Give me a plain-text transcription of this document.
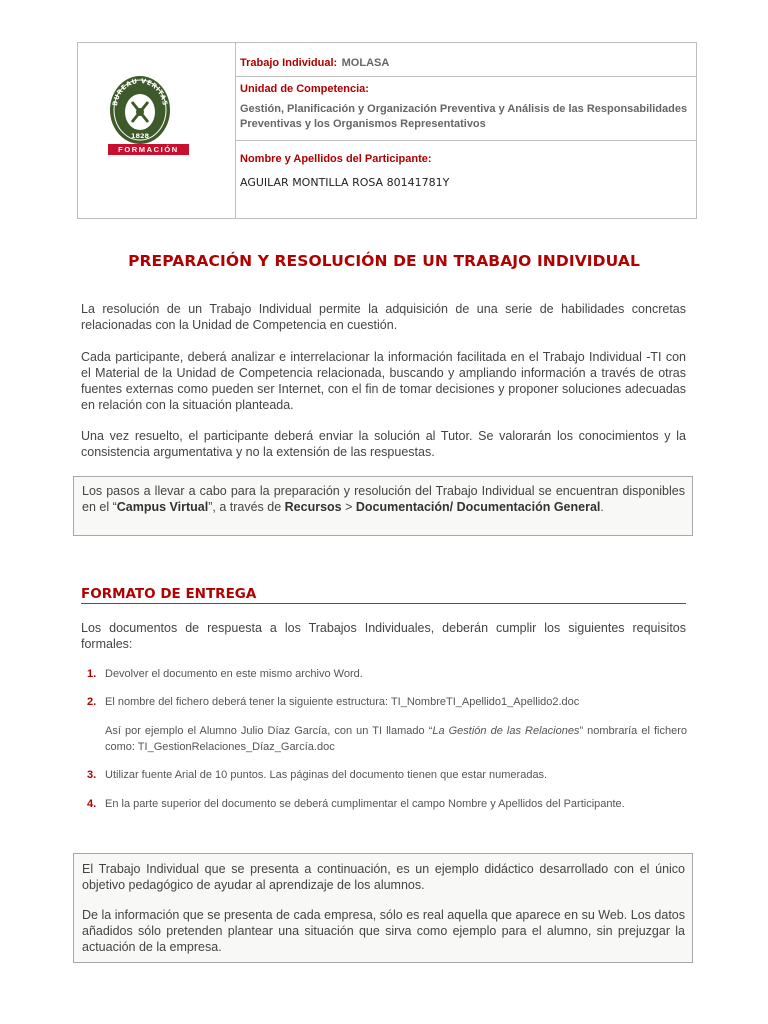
BUREAU VERITAS
1828
FORMACIÓN
Trabajo Individual: MOLASA
Unidad de Competencia:
Gestión, Planificación y Organización Preventiva y Análisis de las Responsabilidades Preventivas y los Organismos Representativos
Nombre y Apellidos del Participante:
AGUILAR MONTILLA ROSA 80141781Y
PREPARACIÓN Y RESOLUCIÓN DE UN TRABAJO INDIVIDUAL

La resolución de un Trabajo Individual permite la adquisición de una serie de habilidades concretas relacionadas con la Unidad de Competencia en cuestión.

Cada participante, deberá analizar e interrelacionar la información facilitada en el Trabajo Individual -TI con el Material de la Unidad de Competencia relacionada, buscando y ampliando información a través de otras fuentes externas como pueden ser Internet, con el fin de tomar decisiones y proponer soluciones adecuadas en relación con la situación planteada.

Una vez resuelto, el participante deberá enviar la solución al Tutor. Se valorarán los conocimientos y la consistencia argumentativa y no la extensión de las respuestas.

Los pasos a llevar a cabo para la preparación y resolución del Trabajo Individual se encuentran disponibles en el “Campus Virtual”, a través de Recursos > Documentación/ Documentación General.
FORMATO DE ENTREGA

Los documentos de respuesta a los Trabajos Individuales, deberán cumplir los siguientes requisitos formales:

1. Devolver el documento en este mismo archivo Word.
2. El nombre del fichero deberá tener la siguiente estructura: TI_NombreTI_Apellido1_Apellido2.doc
Así por ejemplo el Alumno Julio Díaz García, con un TI llamado “La Gestión de las Relaciones” nombraría el fichero como: TI_GestionRelaciones_Díaz_García.doc
3. Utilizar fuente Arial de 10 puntos. Las páginas del documento tienen que estar numeradas.
4. En la parte superior del documento se deberá cumplimentar el campo Nombre y Apellidos del Participante.
El Trabajo Individual que se presenta a continuación, es un ejemplo didáctico desarrollado con el único objetivo pedagógico de ayudar al aprendizaje de los alumnos.
De la información que se presenta de cada empresa, sólo es real aquella que aparece en su Web. Los datos añadidos sólo pretenden plantear una situación que sirva como ejemplo para el alumno, sin prejuzgar la actuación de la empresa.
